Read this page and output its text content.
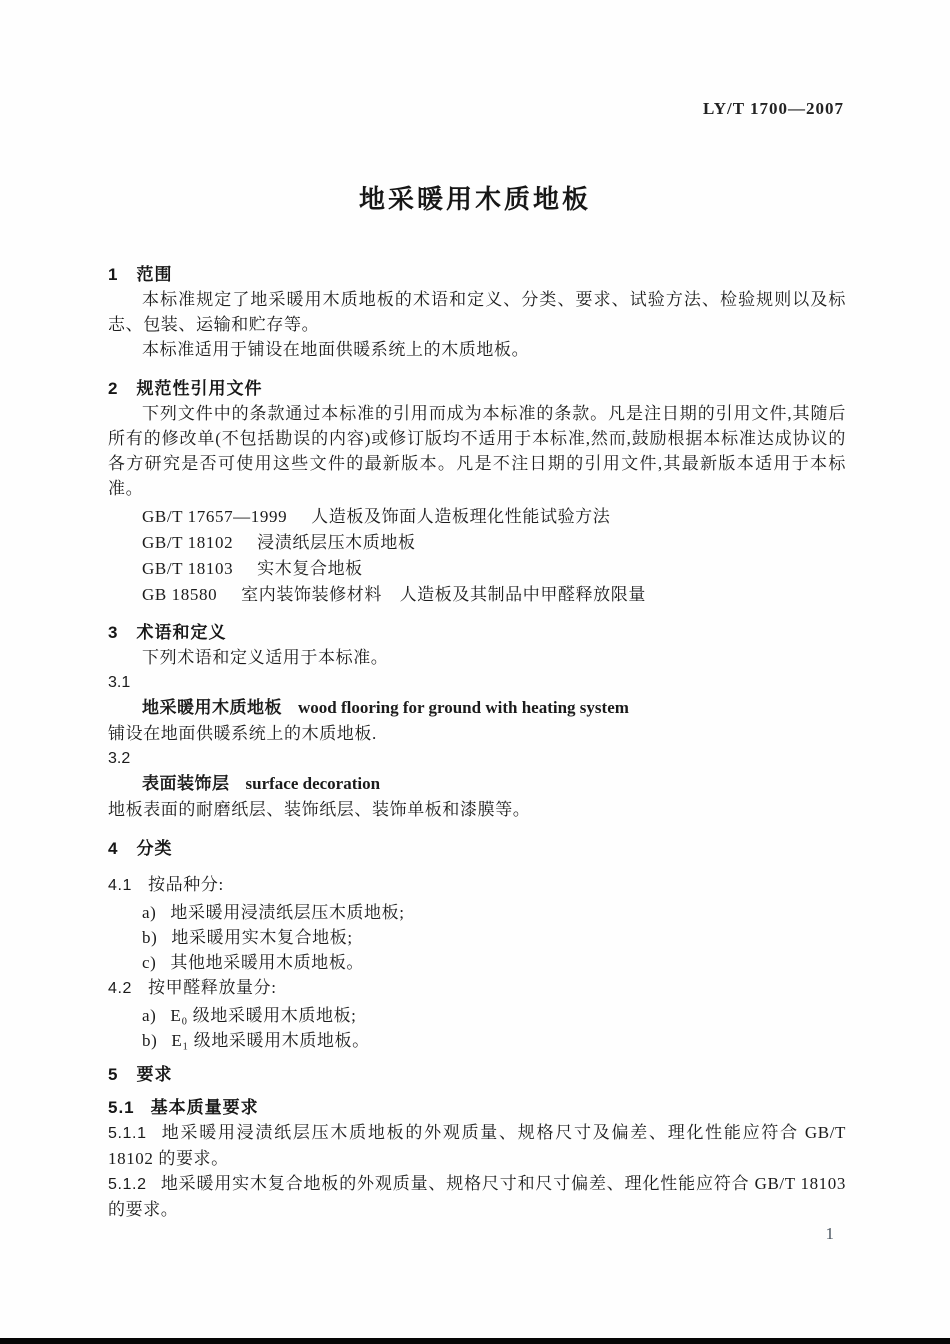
LY/T 1700—2007
地采暖用木质地板
1 范围

本标准规定了地采暖用木质地板的术语和定义、分类、要求、试验方法、检验规则以及标志、包装、运输和贮存等。

本标准适用于铺设在地面供暖系统上的木质地板。

2 规范性引用文件

下列文件中的条款通过本标准的引用而成为本标准的条款。凡是注日期的引用文件,其随后所有的修改单(不包括勘误的内容)或修订版均不适用于本标准,然而,鼓励根据本标准达成协议的各方研究是否可使用这些文件的最新版本。凡是不注日期的引用文件,其最新版本适用于本标准。

GB/T 17657—1999 人造板及饰面人造板理化性能试验方法
GB/T 18102 浸渍纸层压木质地板
GB/T 18103 实木复合地板
GB 18580 室内装饰装修材料　人造板及其制品中甲醛释放限量
3 术语和定义

下列术语和定义适用于本标准。

3.1
地采暖用木质地板 wood flooring for ground with heating system

铺设在地面供暖系统上的木质地板.

3.2
表面装饰层 surface decoration

地板表面的耐磨纸层、装饰纸层、装饰单板和漆膜等。

4 分类
4.1 按品种分:
a) 地采暖用浸渍纸层压木质地板;
b) 地采暖用实木复合地板;
c) 其他地采暖用木质地板。
4.2 按甲醛释放量分:
a) E₀ 级地采暖用木质地板;
b) E₁ 级地采暖用木质地板。
5 要求
5.1 基本质量要求

5.1.1 地采暖用浸渍纸层压木质地板的外观质量、规格尺寸及偏差、理化性能应符合 GB/T 18102 的要求。

5.1.2 地采暖用实木复合地板的外观质量、规格尺寸和尺寸偏差、理化性能应符合 GB/T 18103 的要求。

1
